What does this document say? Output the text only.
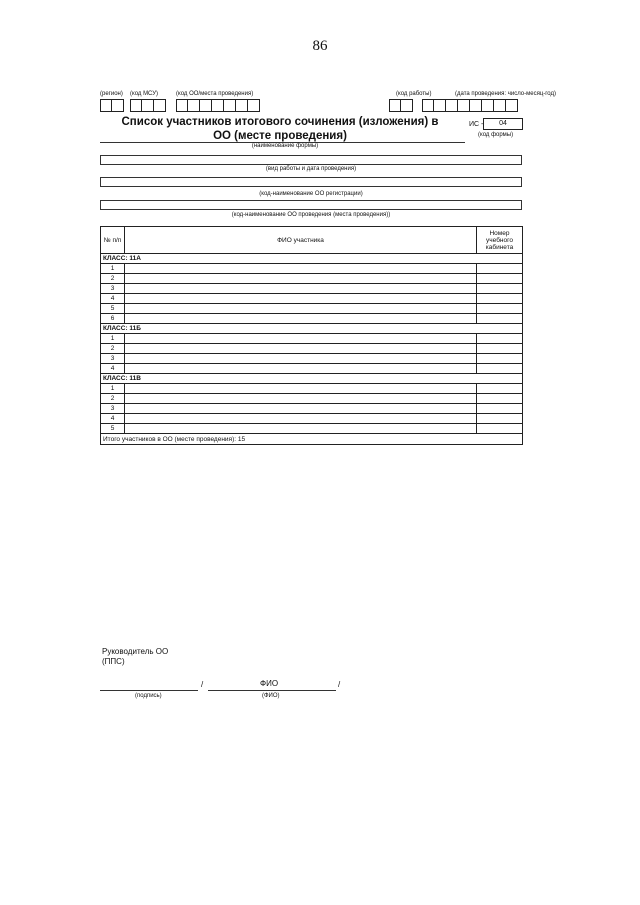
86
(регион) (код МСУ)	(код ОО/места проведения)	(код работы)	(дата проведения: число-месяц-год)
Список участников итогового сочинения (изложения) в
ОО (месте проведения)
ИС -	04
(код формы)
(наименование формы)
(вид работы и дата проведения)
(код-наименование ОО регистрации)
(код-наименование ОО проведения (места проведения))
№ п/п	ФИО участника	Номер учебного кабинета
КЛАСС: 11А		
1		
2		
3		
4		
5		
6		
КЛАСС: 11Б		
1		
2		
3		
4		
КЛАСС: 11В		
1		
2		
3		
4		
5		
Итого участников в ОО (месте проведения): 15		
Руководитель ОО
(ППС)
/	ФИО	/
(подпись)	(ФИО)
